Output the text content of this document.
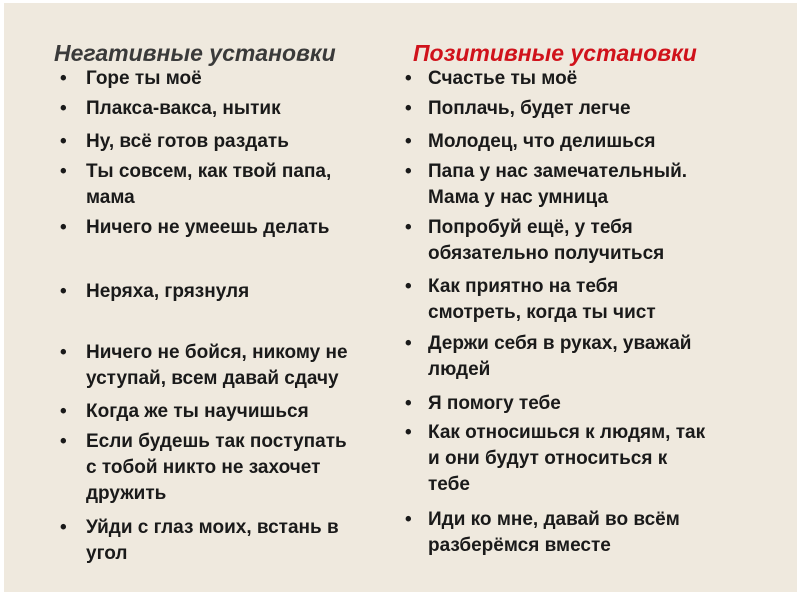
Негативные установки	Позитивные установки
• Горе ты моё
• Плакса-вакса, нытик
• Ну, всё готов раздать
• Ты совсем, как твой папа,
мама
• Ничего не умеешь делать
• Неряха, грязнуля
• Ничего не бойся, никому не
уступай, всем давай сдачу
• Когда же ты научишься
• Если будешь так поступать
с тобой никто не захочет
дружить
• Уйди с глаз моих, встань в
угол
• Счастье ты моё
• Поплачь, будет легче
• Молодец, что делишься
• Папа у нас замечательный.
Мама у нас умница
• Попробуй ещё, у тебя
обязательно получиться
• Как приятно на тебя
смотреть, когда ты чист
• Держи себя в руках, уважай
людей
• Я помогу тебе
• Как относишься к людям, так
и они будут относиться к
тебе
• Иди ко мне, давай во всём
разберёмся вместе
